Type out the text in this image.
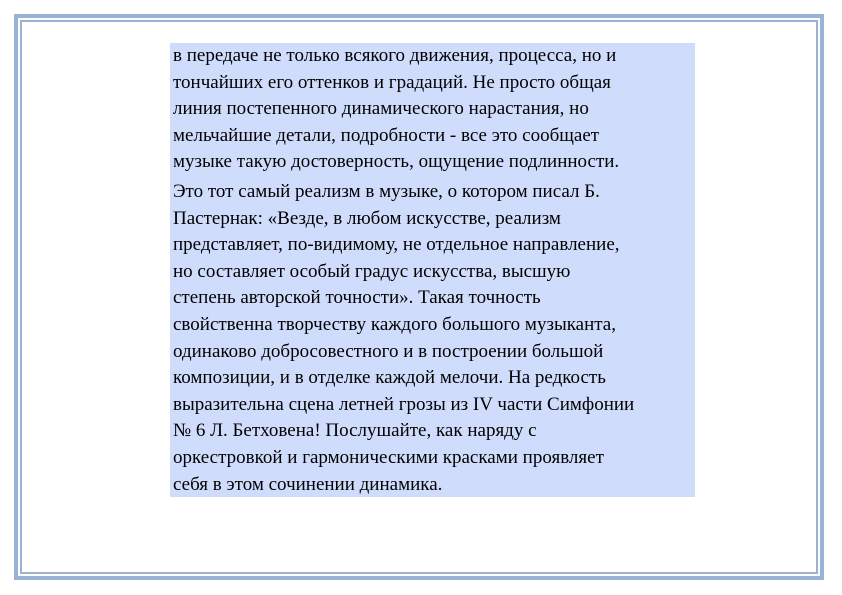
в передаче не только всякого движения, процесса, но и
тончайших его оттенков и градаций. Не просто общая
линия постепенного динамического нарастания, но
мельчайшие детали, подробности - все это сообщает
музыке такую достоверность, ощущение подлинности.

Это тот самый реализм в музыке, о котором писал Б.
Пастернак: «Везде, в любом искусстве, реализм
представляет, по-видимому, не отдельное направление,
но составляет особый градус искусства, высшую
степень авторской точности». Такая точность
свойственна творчеству каждого большого музыканта,
одинаково добросовестного и в построении большой
композиции, и в отделке каждой мелочи. На редкость
выразительна сцена летней грозы из IV части Симфонии
№ 6 Л. Бетховена! Послушайте, как наряду с
оркестровкой и гармоническими красками проявляет
себя в этом сочинении динамика.
